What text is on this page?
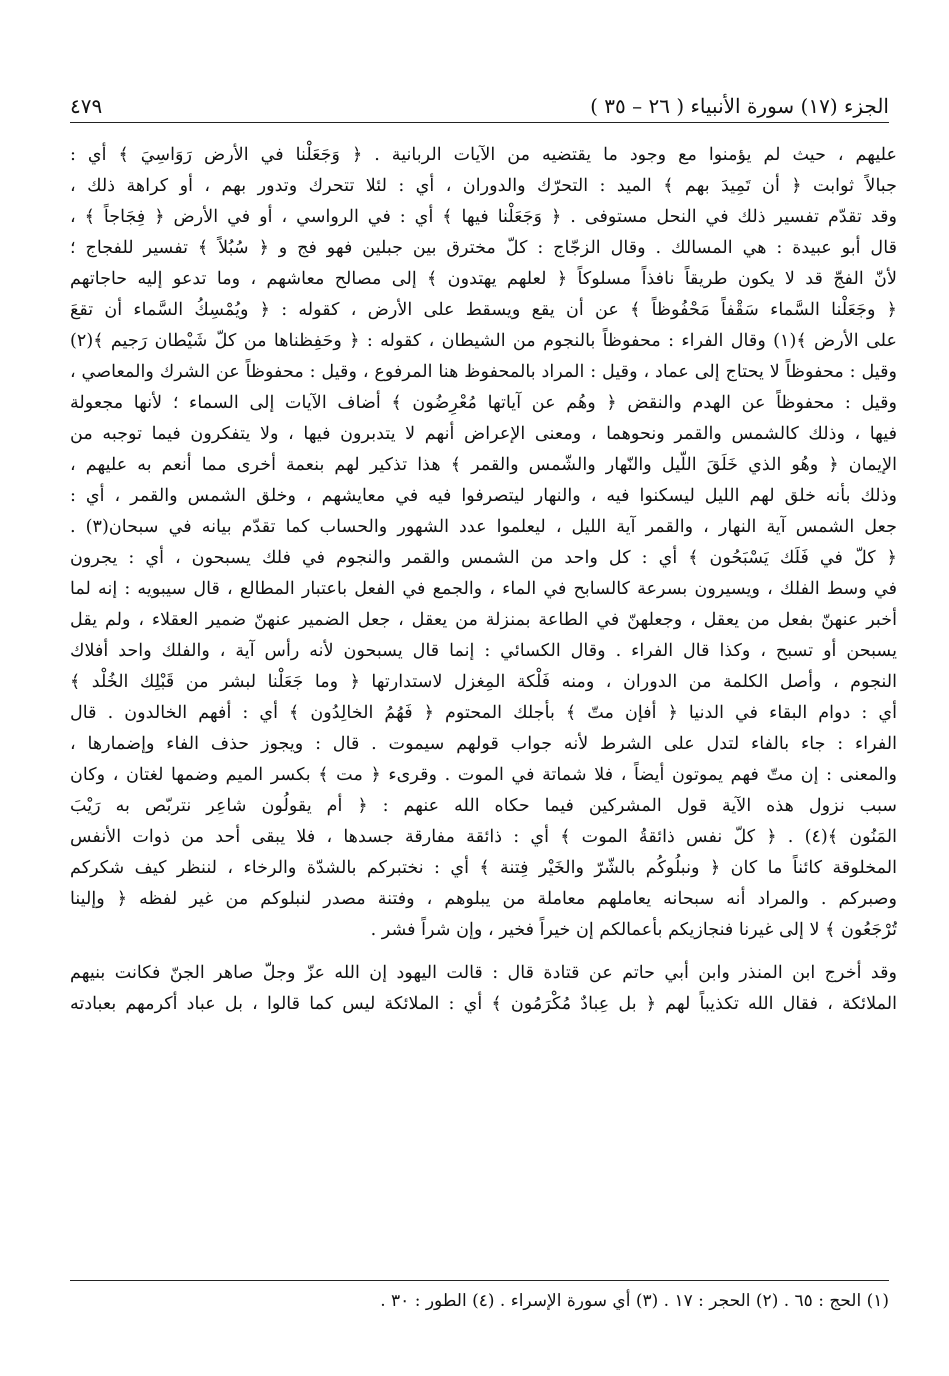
الجزء (١٧) سورة الأنبياء ( ٢٦ – ٣٥ )
٤٧٩
عليهم ، حيث لم يؤمنوا مع وجود ما يقتضيه من الآيات الربانية . ﴿ وَجَعَلْنا في الأرض رَوَاسِيَ ﴾ أي :
جبالاً ثوابت ﴿ أن تَمِيدَ بهم ﴾ الميد : التحرّك والدوران ، أي : لئلا تتحرك وتدور بهم ، أو كراهة ذلك ،
وقد تقدّم تفسير ذلك في النحل مستوفى . ﴿ وَجَعَلْنا فيها ﴾ أي : في الرواسي ، أو في الأرض ﴿ فِجَاجاً ﴾ ،
قال أبو عبيدة : هي المسالك . وقال الزجّاج : كلّ مخترق بين جبلين فهو فج و ﴿ سُبُلاً ﴾ تفسير للفجاج ؛
لأنّ الفجّ قد لا يكون طريقاً نافذاً مسلوكاً ﴿ لعلهم يهتدون ﴾ إلى مصالح معاشهم ، وما تدعو إليه حاجاتهم
﴿ وجَعَلْنا السَّماء سَقْفاً مَحْفُوظاً ﴾ عن أن يقع ويسقط على الأرض ، كقوله : ﴿ ويُمْسِكُ السَّماء أن تقعَ
على الأرض ﴾(١) وقال الفراء : محفوظاً بالنجوم من الشيطان ، كقوله : ﴿ وحَفِظناها من كلّ شَيْطان رَجيم ﴾(٢)
وقيل : محفوظاً لا يحتاج إلى عماد ، وقيل : المراد بالمحفوظ هنا المرفوع ، وقيل : محفوظاً عن الشرك والمعاصي ،
وقيل : محفوظاً عن الهدم والنقض ﴿ وهُم عن آياتها مُعْرِضُون ﴾ أضاف الآيات إلى السماء ؛ لأنها مجعولة
فيها ، وذلك كالشمس والقمر ونحوهما ، ومعنى الإعراض أنهم لا يتدبرون فيها ، ولا يتفكرون فيما توجبه من
الإيمان ﴿ وهُو الذي خَلَقَ اللّيل والنّهار والشّمس والقمر ﴾ هذا تذكير لهم بنعمة أخرى مما أنعم به عليهم ،
وذلك بأنه خلق لهم الليل ليسكنوا فيه ، والنهار ليتصرفوا فيه في معايشهم ، وخلق الشمس والقمر ، أي :
جعل الشمس آية النهار ، والقمر آية الليل ، ليعلموا عدد الشهور والحساب كما تقدّم بيانه في سبحان(٣) .
﴿ كلّ في فَلَك يَسْبَحُون ﴾ أي : كل واحد من الشمس والقمر والنجوم في فلك يسبحون ، أي : يجرون
في وسط الفلك ، ويسيرون بسرعة كالسابح في الماء ، والجمع في الفعل باعتبار المطالع ، قال سيبويه : إنه لما
أخبر عنهنّ بفعل من يعقل ، وجعلهنّ في الطاعة بمنزلة من يعقل ، جعل الضمير عنهنّ ضمير العقلاء ، ولم يقل
يسبحن أو تسبح ، وكذا قال الفراء . وقال الكسائي : إنما قال يسبحون لأنه رأس آية ، والفلك واحد أفلاك
النجوم ، وأصل الكلمة من الدوران ، ومنه فَلْكة المِغزل لاستدارتها ﴿ وما جَعَلْنا لبشر من قَبْلِك الخُلْد ﴾
أي : دوام البقاء في الدنيا ﴿ أفإن متّ ﴾ بأجلك المحتوم ﴿ فَهُمُ الخالِدُون ﴾ أي : أفهم الخالدون . قال
الفراء : جاء بالفاء لتدل على الشرط لأنه جواب قولهم سيموت . قال : ويجوز حذف الفاء وإضمارها ،
والمعنى : إن متّ فهم يموتون أيضاً ، فلا شماتة في الموت . وقرىء ﴿ مت ﴾ بكسر الميم وضمها لغتان ، وكان
سبب نزول هذه الآية قول المشركين فيما حكاه الله عنهم : ﴿ أم يقولُون شاعِر نتربّص به رَيْبَ
المَنُون ﴾(٤) . ﴿ كلّ نفس ذائقةُ الموت ﴾ أي : ذائقة مفارقة جسدها ، فلا يبقى أحد من ذوات الأنفس
المخلوقة كائناً ما كان ﴿ ونبلُوكُم بالشّرّ والخَيْر فِتنة ﴾ أي : نختبركم بالشدّة والرخاء ، لننظر كيف شكركم
وصبركم . والمراد أنه سبحانه يعاملهم معاملة من يبلوهم ، وفتنة مصدر لنبلوكم من غير لفظه ﴿ وإلينا
تُرْجَعُون ﴾ لا إلى غيرنا فنجازيكم بأعمالكم إن خيراً فخير ، وإن شراً فشر .
وقد أخرج ابن المنذر وابن أبي حاتم عن قتادة قال : قالت اليهود إن الله عزّ وجلّ صاهر الجنّ فكانت بنيهم
الملائكة ، فقال الله تكذيباً لهم ﴿ بل عِبادٌ مُكْرَمُون ﴾ أي : الملائكة ليس كما قالوا ، بل عباد أكرمهم بعبادته
(١) الحج : ٦٥ . (٢) الحجر : ١٧ . (٣) أي سورة الإسراء . (٤) الطور : ٣٠ .
